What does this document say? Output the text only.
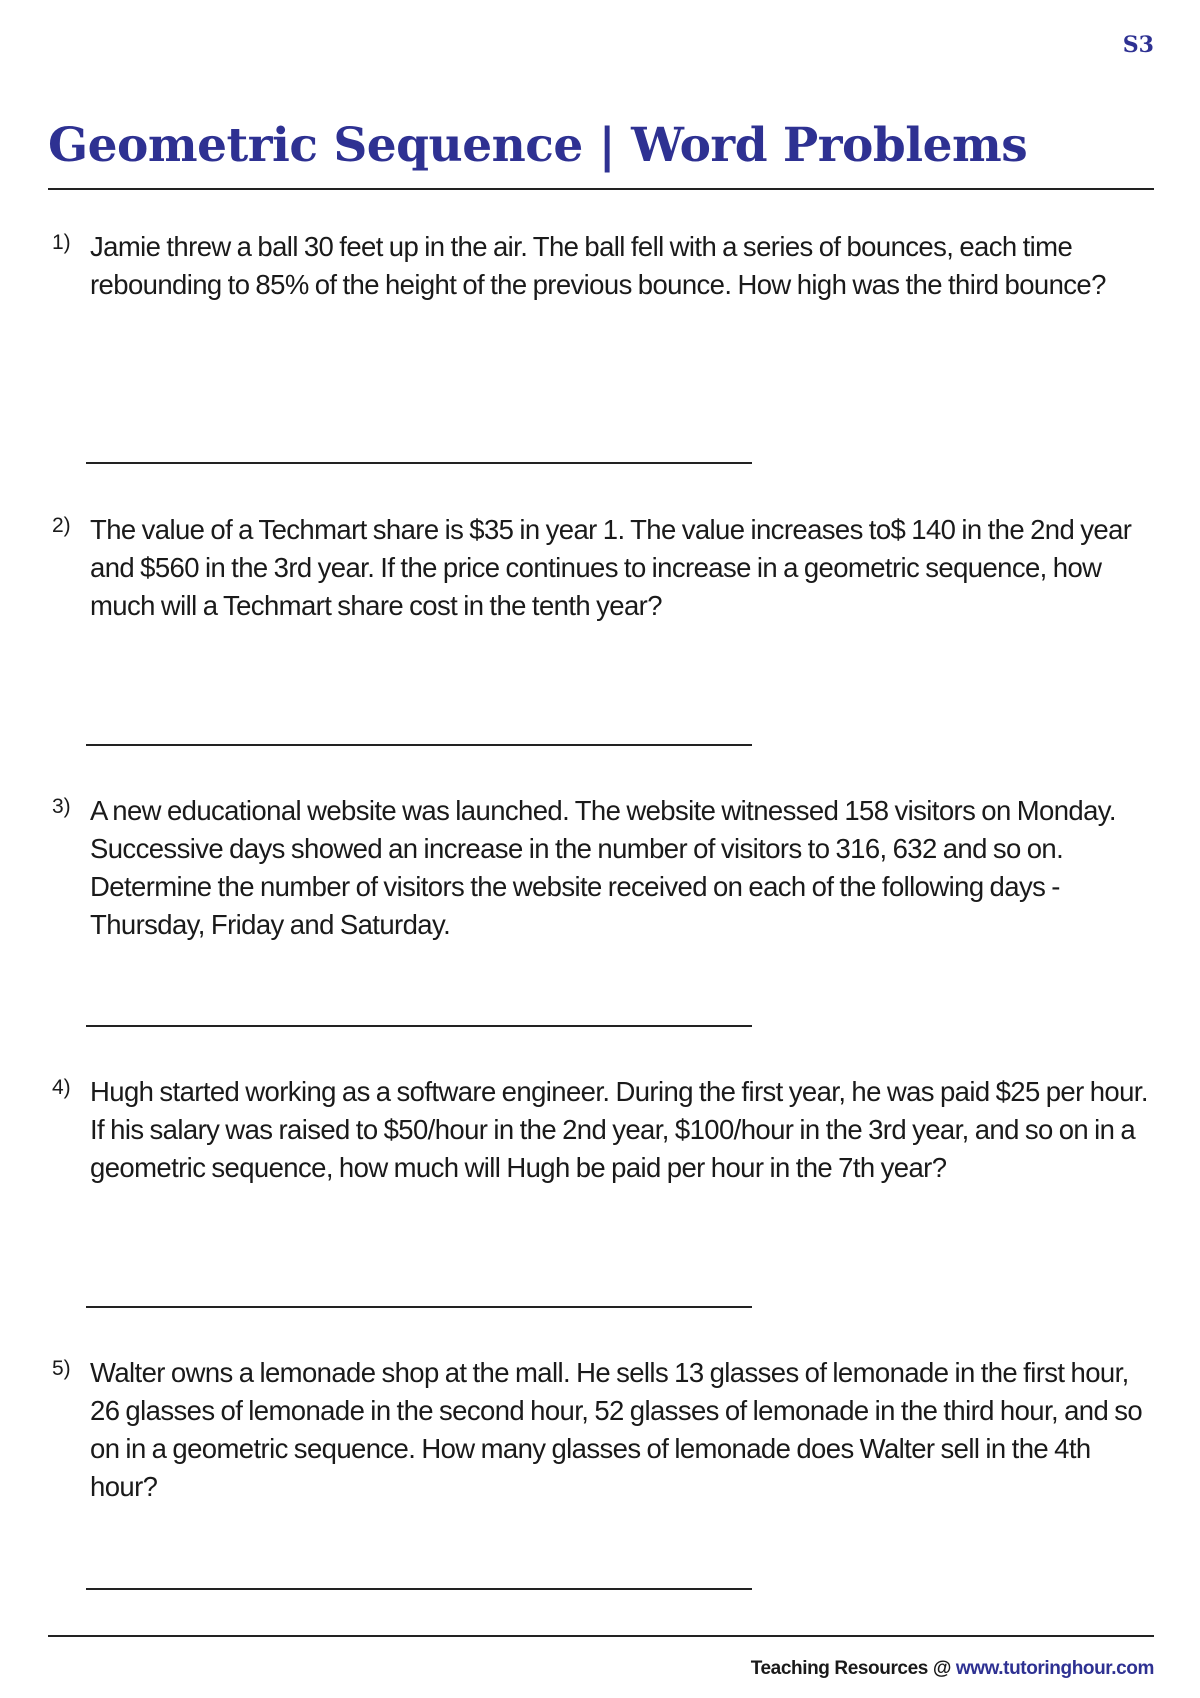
S3
Geometric Sequence | Word Problems
1) Jamie threw a ball 30 feet up in the air. The ball fell with a series of bounces, each time rebounding to 85% of the height of the previous bounce. How high was the third bounce?

2) The value of a Techmart share is $35 in year 1. The value increases to$ 140 in the 2nd year and $560 in the 3rd year. If the price continues to increase in a geometric sequence, how much will a Techmart share cost in the tenth year?

3) A new educational website was launched. The website witnessed 158 visitors on Monday. Successive days showed an increase in the number of visitors to 316, 632 and so on. Determine the number of visitors the website received on each of the following days - Thursday, Friday and Saturday.

4) Hugh started working as a software engineer. During the first year, he was paid $25 per hour. If his salary was raised to $50/hour in the 2nd year, $100/hour in the 3rd year, and so on in a geometric sequence, how much will Hugh be paid per hour in the 7th year?

5) Walter owns a lemonade shop at the mall. He sells 13 glasses of lemonade in the first hour, 26 glasses of lemonade in the second hour, 52 glasses of lemonade in the third hour, and so on in a geometric sequence. How many glasses of lemonade does Walter sell in the 4th hour?

Teaching Resources @ www.tutoringhour.com
